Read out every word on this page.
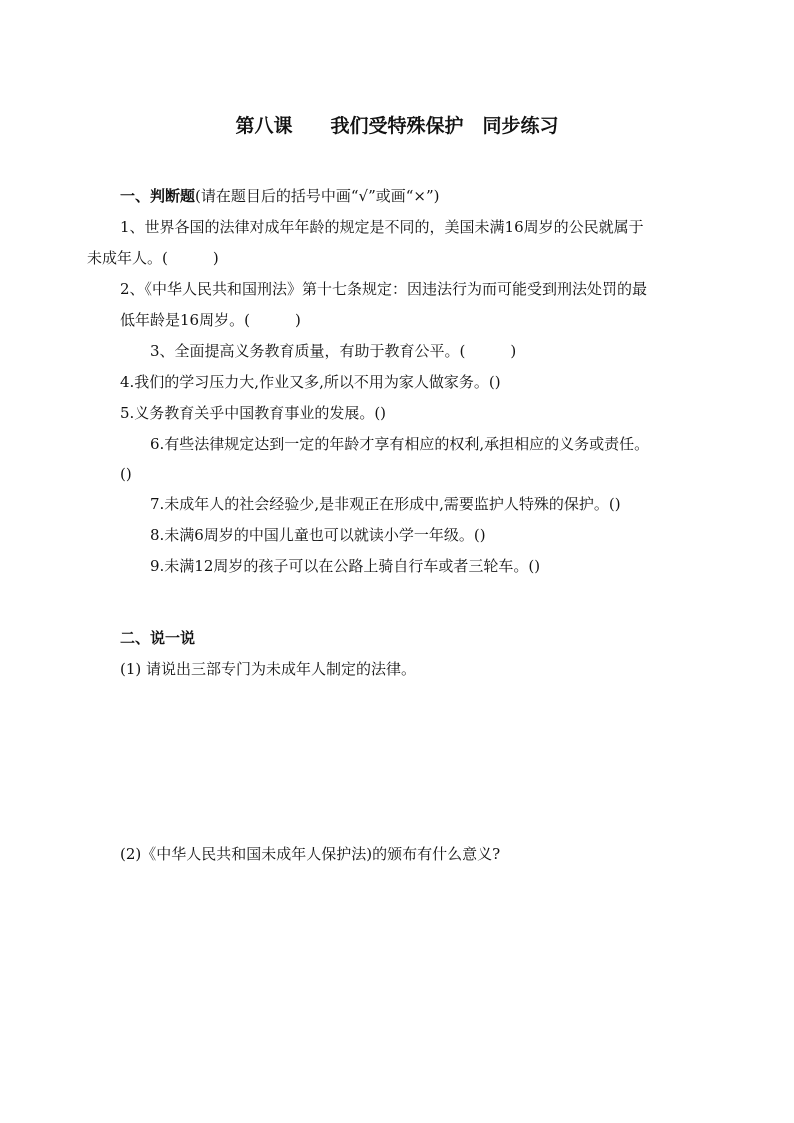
第八课　　我们受特殊保护　同步练习
一、判断题(请在题目后的括号中画“√”或画“×”)
1、世界各国的法律对成年年龄的规定是不同的，美国未满16周岁的公民就属于
未成年人。(　　　)
2、《中华人民共和国刑法》第十七条规定：因违法行为而可能受到刑法处罚的最
低年龄是16周岁。(　　　)
3、全面提高义务教育质量，有助于教育公平。(　　　)
4.我们的学习压力大,作业又多,所以不用为家人做家务。()
5.义务教育关乎中国教育事业的发展。()
6.有些法律规定达到一定的年龄才享有相应的权利,承担相应的义务或责任。
()
7.未成年人的社会经验少,是非观正在形成中,需要监护人特殊的保护。()
8.未满6周岁的中国儿童也可以就读小学一年级。()
9.未满12周岁的孩子可以在公路上骑自行车或者三轮车。()
二、说一说
(1) 请说出三部专门为未成年人制定的法律。
(2)《中华人民共和国未成年人保护法)的颁布有什么意义?
